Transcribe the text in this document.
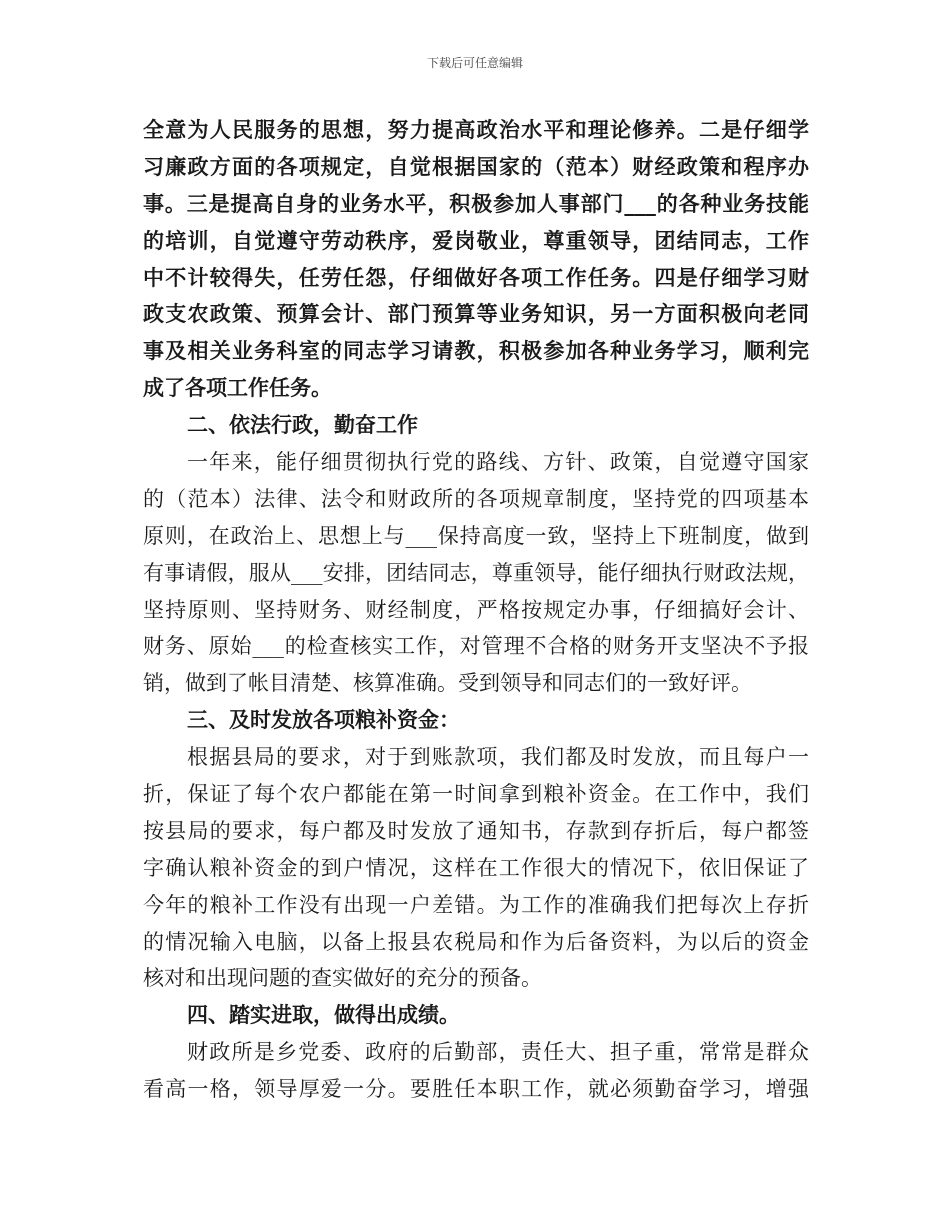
下载后可任意编辑
全意为人民服务的思想，努力提高政治水平和理论修养。二是仔细学
习廉政方面的各项规定，自觉根据国家的（范本）财经政策和程序办
事。三是提高自身的业务水平，积极参加人事部门___的各种业务技能
的培训，自觉遵守劳动秩序，爱岗敬业，尊重领导，团结同志，工作
中不计较得失，任劳任怨，仔细做好各项工作任务。四是仔细学习财
政支农政策、预算会计、部门预算等业务知识，另一方面积极向老同
事及相关业务科室的同志学习请教，积极参加各种业务学习，顺利完
成了各项工作任务。
二、依法行政，勤奋工作
一年来，能仔细贯彻执行党的路线、方针、政策，自觉遵守国家
的（范本）法律、法令和财政所的各项规章制度，坚持党的四项基本
原则，在政治上、思想上与___保持高度一致，坚持上下班制度，做到
有事请假，服从___安排，团结同志，尊重领导，能仔细执行财政法规，
坚持原则、坚持财务、财经制度，严格按规定办事，仔细搞好会计、
财务、原始___的检查核实工作，对管理不合格的财务开支坚决不予报
销，做到了帐目清楚、核算准确。受到领导和同志们的一致好评。
三、及时发放各项粮补资金：
根据县局的要求，对于到账款项，我们都及时发放，而且每户一
折，保证了每个农户都能在第一时间拿到粮补资金。在工作中，我们
按县局的要求，每户都及时发放了通知书，存款到存折后，每户都签
字确认粮补资金的到户情况，这样在工作很大的情况下，依旧保证了
今年的粮补工作没有出现一户差错。为工作的准确我们把每次上存折
的情况输入电脑，以备上报县农税局和作为后备资料，为以后的资金
核对和出现问题的查实做好的充分的预备。
四、踏实进取，做得出成绩。
财政所是乡党委、政府的后勤部，责任大、担子重，常常是群众
看高一格，领导厚爱一分。要胜任本职工作，就必须勤奋学习，增强
